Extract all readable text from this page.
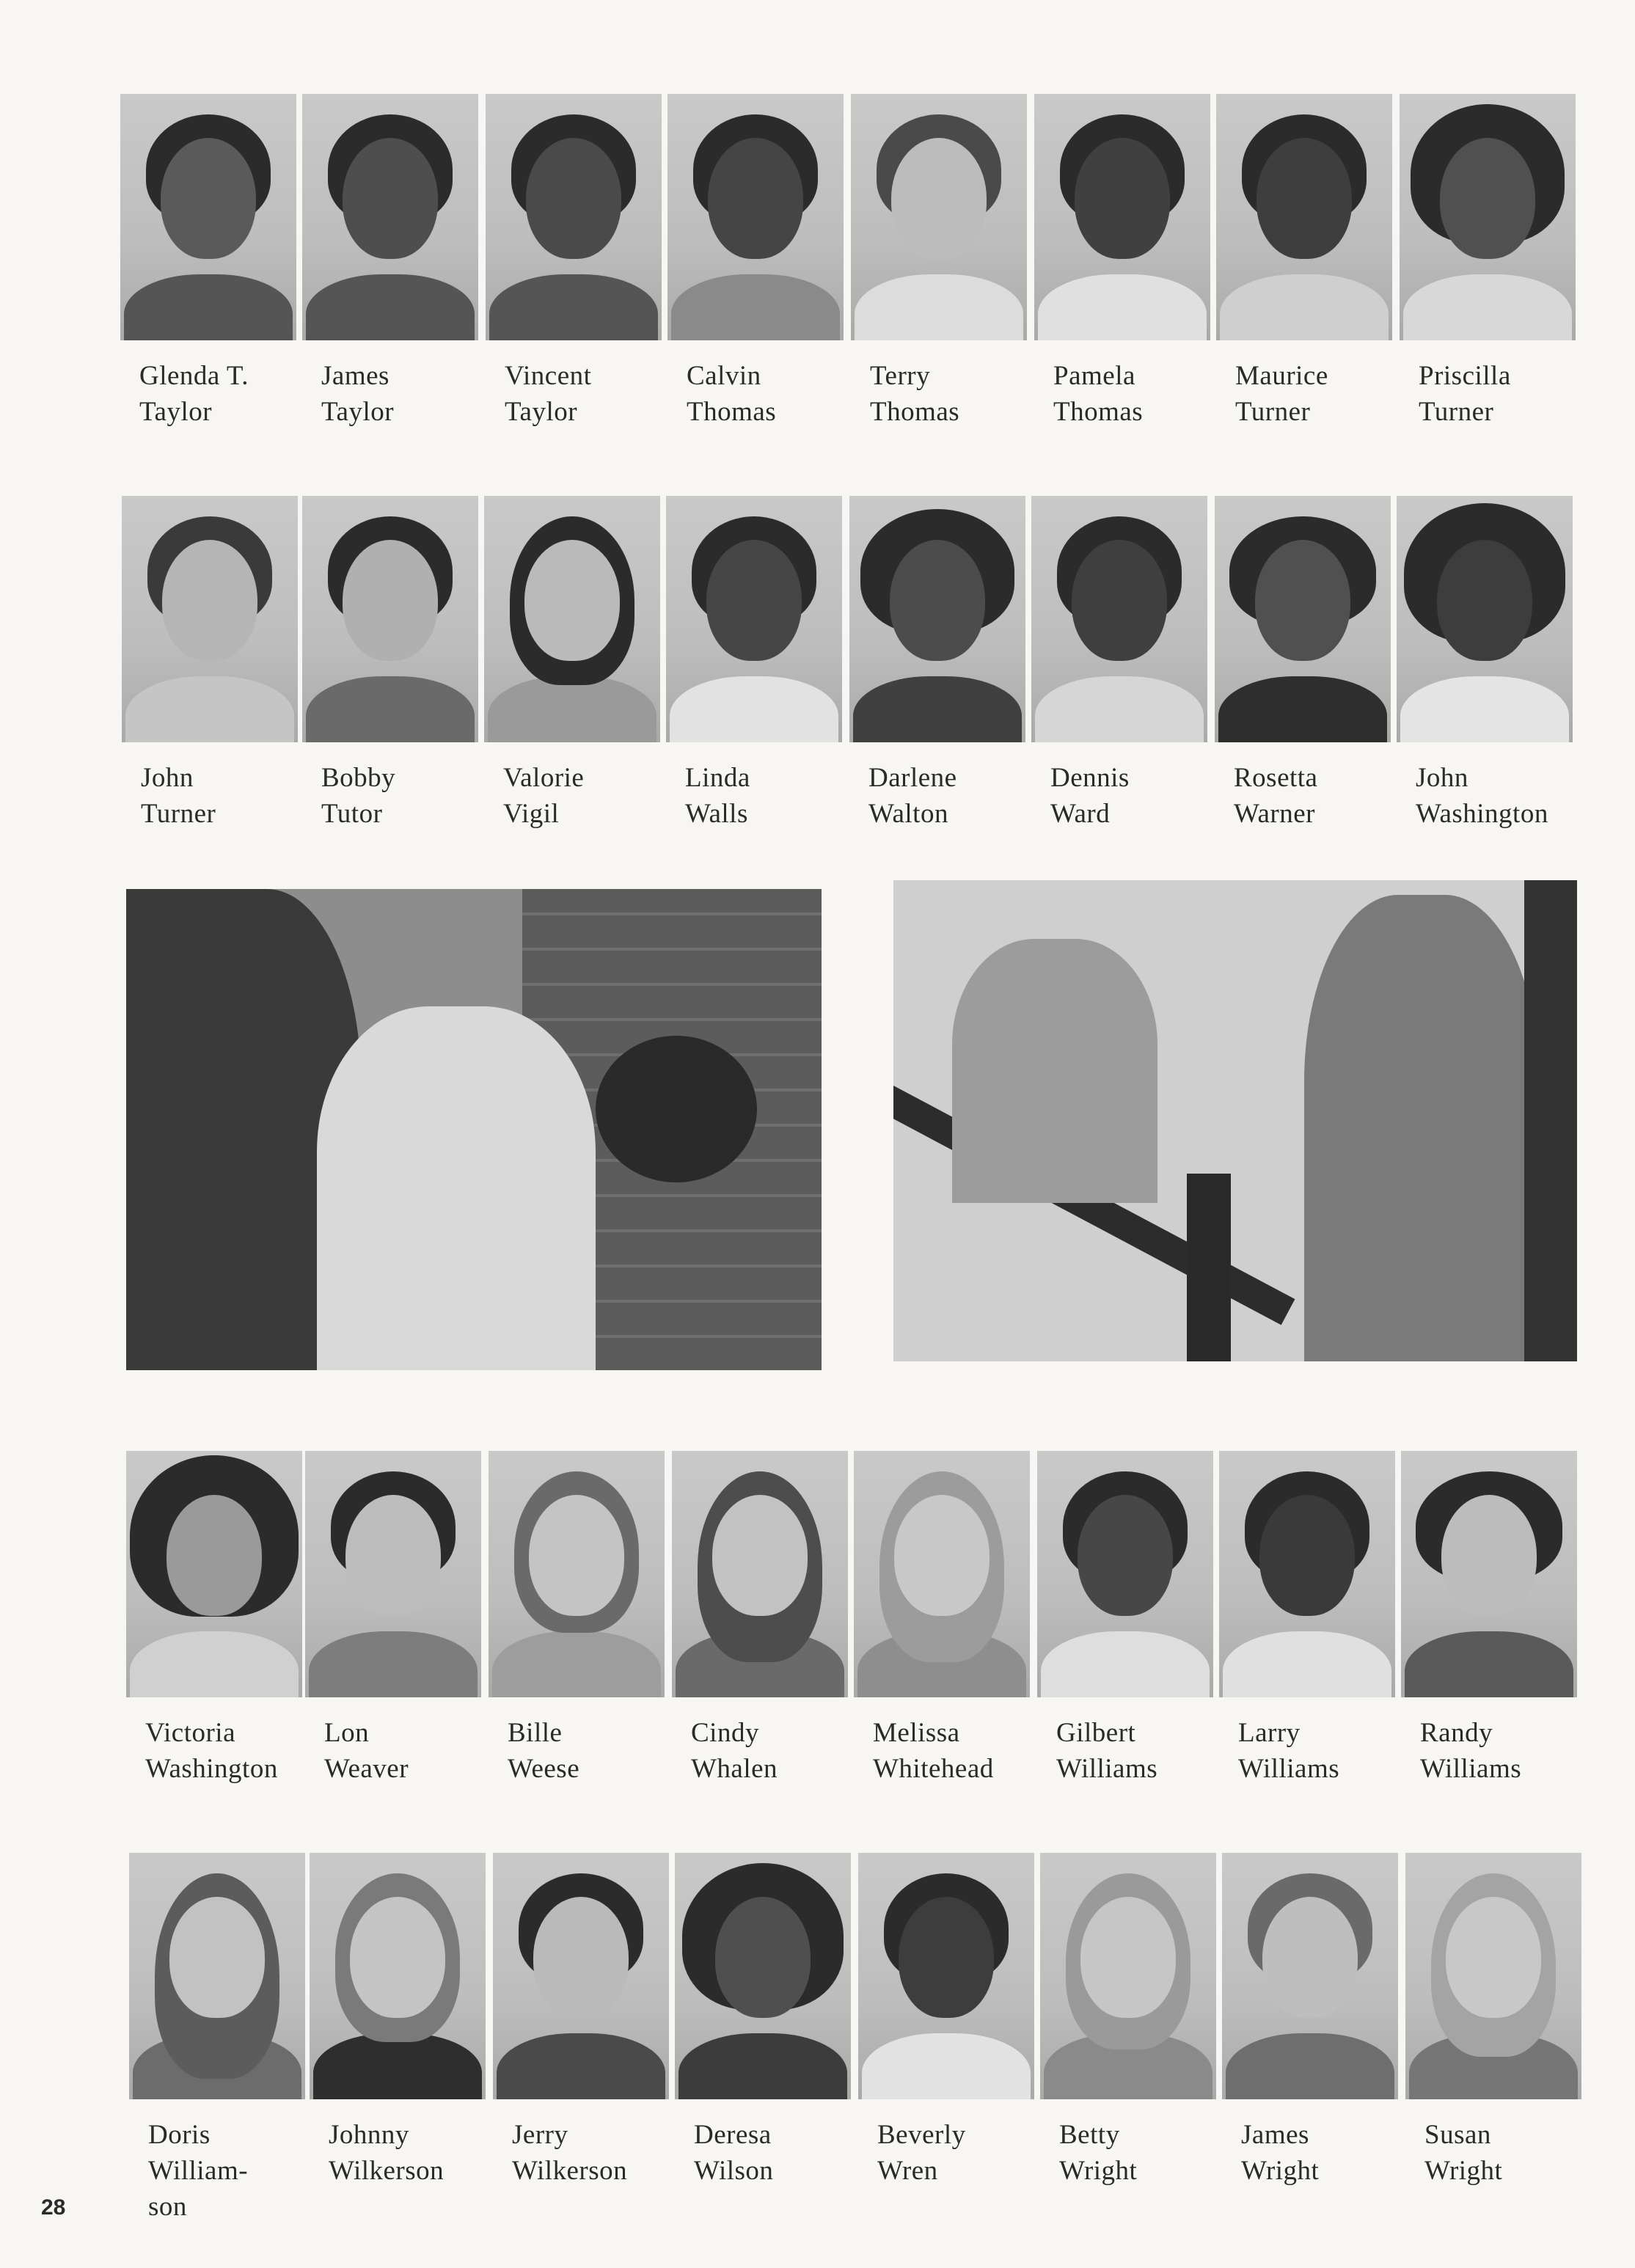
Glenda T.
Taylor
James
Taylor
Vincent
Taylor
Calvin
Thomas
Terry
Thomas
Pamela
Thomas
Maurice
Turner
Priscilla
Turner
John
Turner
Bobby
Tutor
Valorie
Vigil
Linda
Walls
Darlene
Walton
Dennis
Ward
Rosetta
Warner
John
Washington
Victoria
Washington
Lon
Weaver
Bille
Weese
Cindy
Whalen
Melissa
Whitehead
Gilbert
Williams
Larry
Williams
Randy
Williams
Doris
William-
son
Johnny
Wilkerson
Jerry
Wilkerson
Deresa
Wilson
Beverly
Wren
Betty
Wright
James
Wright
Susan
Wright
28
